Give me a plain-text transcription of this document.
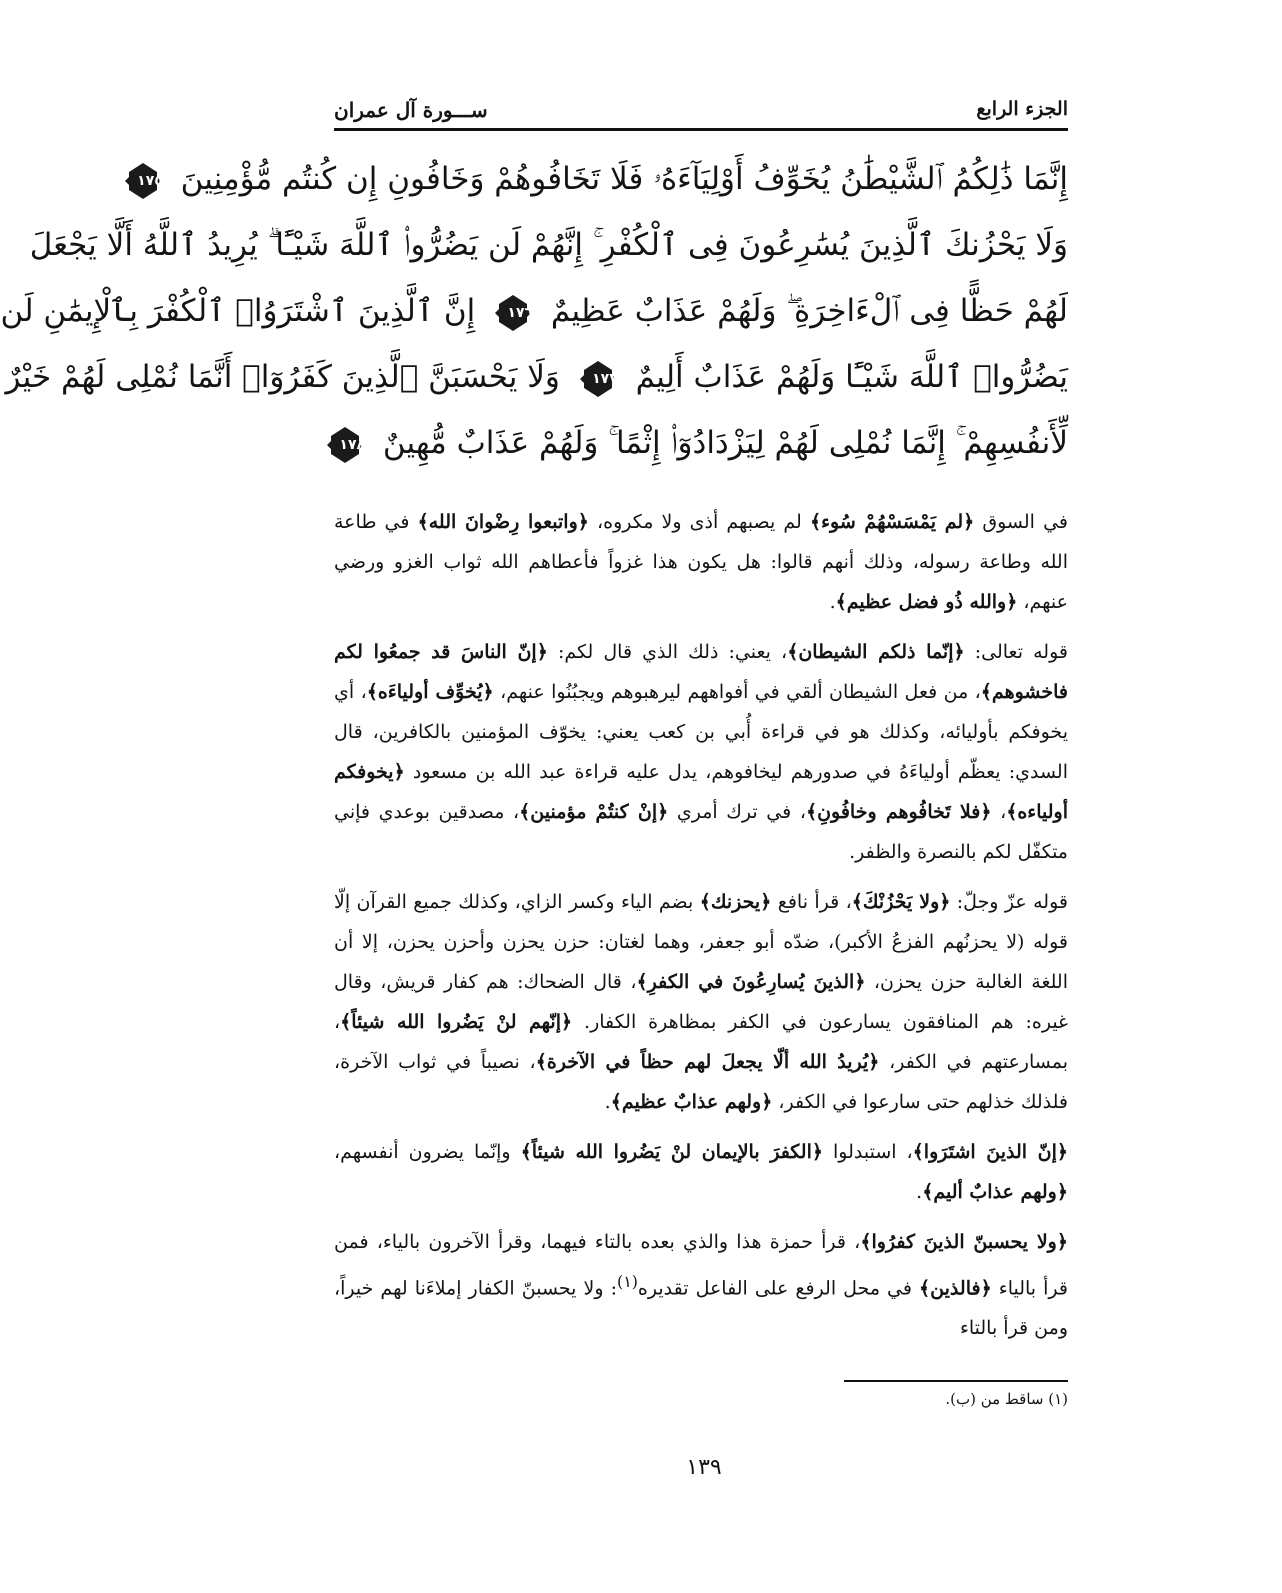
الجزء الرابع
ســـورة آل عمران
إِنَّمَا ذَٰلِكُمُ ٱلشَّيْطَٰنُ يُخَوِّفُ أَوْلِيَآءَهُۥ فَلَا تَخَافُوهُمْ وَخَافُونِ إِن كُنتُم مُّؤْمِنِينَ
١٧٥
وَلَا يَحْزُنكَ ٱلَّذِينَ يُسَٰرِعُونَ فِى ٱلْكُفْرِ ۚ إِنَّهُمْ لَن يَضُرُّوا۟ ٱللَّهَ شَيْـًٔا ۗ يُرِيدُ ٱللَّهُ أَلَّا يَجْعَلَ
لَهُمْ حَظًّا فِى ٱلْءَاخِرَةِ ۖ وَلَهُمْ عَذَابٌ عَظِيمٌ
١٧٦
إِنَّ ٱلَّذِينَ ٱشْتَرَوُا۟ ٱلْكُفْرَ بِٱلْإِيمَٰنِ لَن
يَضُرُّوا۟ ٱللَّهَ شَيْـًٔا وَلَهُمْ عَذَابٌ أَلِيمٌ
١٧٧
وَلَا يَحْسَبَنَّ ٱلَّذِينَ كَفَرُوٓا۟ أَنَّمَا نُمْلِى لَهُمْ خَيْرٌ
لِّأَنفُسِهِمْ ۚ إِنَّمَا نُمْلِى لَهُمْ لِيَزْدَادُوٓا۟ إِثْمًا ۚ وَلَهُمْ عَذَابٌ مُّهِينٌ
١٧٨

في السوق ﴿لم يَمْسَسْهُمْ سُوء﴾ لم يصبهم أذى ولا مكروه، ﴿واتبعوا رِضْوانَ الله﴾ في طاعة الله وطاعة رسوله، وذلك أنهم قالوا: هل يكون هذا غزواً فأعطاهم الله ثواب الغزو ورضي عنهم، ﴿والله ذُو فضل عظيم﴾.

قوله تعالى: ﴿إنّما ذلكم الشيطان﴾، يعني: ذلك الذي قال لكم: ﴿إنّ الناسَ قد جمعُوا لكم فاخشوهم﴾، من فعل الشيطان ألقي في أفواههم ليرهبوهم ويجبُنُوا عنهم، ﴿يُخوِّف أولياءَه﴾، أي يخوفكم بأوليائه، وكذلك هو في قراءة أُبي بن كعب يعني: يخوّف المؤمنين بالكافرين، قال السدي: يعظّم أولياءَهُ في صدورهم ليخافوهم، يدل عليه قراءة عبد الله بن مسعود ﴿يخوفكم أولياءه﴾، ﴿فلا تَخافُوهم وخافُونِ﴾، في ترك أمري ﴿إنْ كنتُمْ مؤمنين﴾، مصدقين بوعدي فإني متكفّل لكم بالنصرة والظفر.

قوله عزّ وجلّ: ﴿ولا يَحْزُنْكَ﴾، قرأ نافع ﴿يحزنك﴾ بضم الياء وكسر الزاي، وكذلك جميع القرآن إلّا قوله (لا يحزنُهم الفزعُ الأكبر)، ضدّه أبو جعفر، وهما لغتان: حزن يحزن وأحزن يحزن، إلا أن اللغة الغالبة حزن يحزن، ﴿الذينَ يُسارِعُونَ في الكفرِ﴾، قال الضحاك: هم كفار قريش، وقال غيره: هم المنافقون يسارعون في الكفر بمظاهرة الكفار. ﴿إنّهم لنْ يَضُروا الله شيئاً﴾، بمسارعتهم في الكفر، ﴿يُريدُ الله ألّا يجعلَ لهم حظاً في الآخرة﴾، نصيباً في ثواب الآخرة، فلذلك خذلهم حتى سارعوا في الكفر، ﴿ولهم عذابٌ عظيم﴾.

﴿إنّ الذينَ اشتَرَوا﴾، استبدلوا ﴿الكفرَ بالإيمان لنْ يَضُروا الله شيئاً﴾ وإنّما يضرون أنفسهم، ﴿ولهم عذابٌ أليم﴾.

﴿ولا يحسبنّ الذينَ كفرُوا﴾، قرأ حمزة هذا والذي بعده بالتاء فيهما، وقرأ الآخرون بالياء، فمن قرأ بالياء ﴿فالذين﴾ في محل الرفع على الفاعل تقديره$^{(١)}$: ولا يحسبنّ الكفار إملاءَنا لهم خيراً، ومن قرأ بالتاء

(١) ساقط من (ب).
١٣٩
